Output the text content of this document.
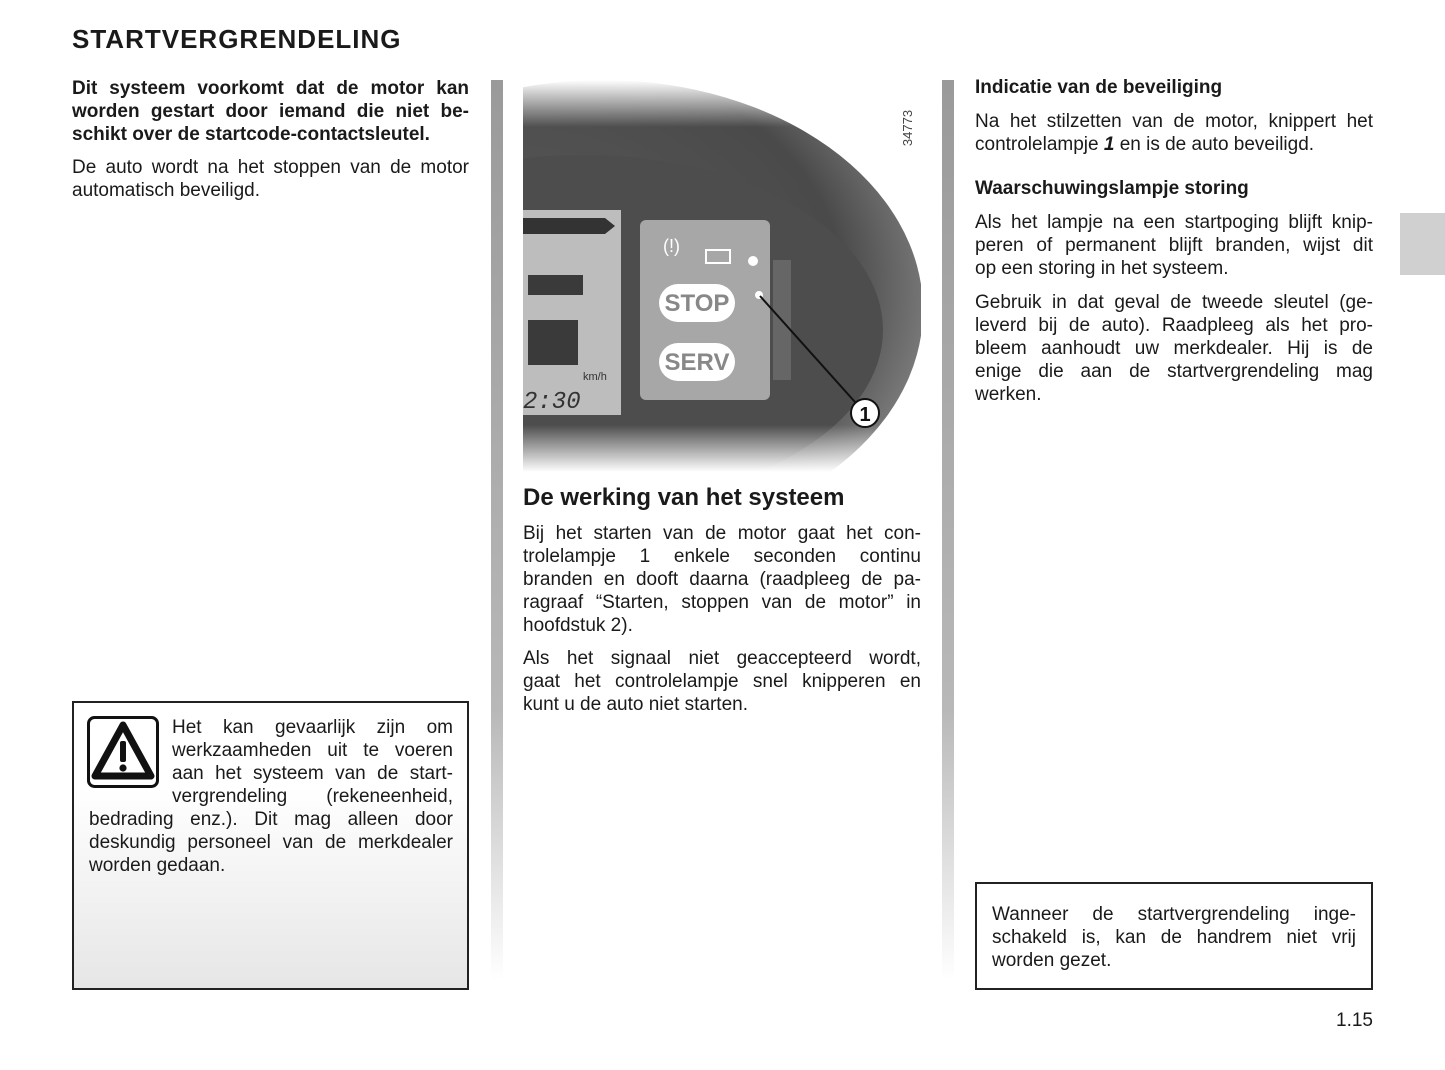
STARTVERGRENDELING
Dit systeem voorkomt dat de motor kan
worden gestart door iemand die niet be-
schikt over de startcode-contactsleutel.
De auto wordt na het stoppen van de motor
automatisch beveiligd.
Het kan gevaarlijk zijn om
werkzaamheden uit te voeren
aan het systeem van de start-
vergrendeling (rekeneenheid,
bedrading enz.). Dit mag alleen door
deskundig personeel van de merkdealer
worden gedaan.
(!)
STOP
SERV
km/h
2:30	1
34773
De werking van het systeem
Bij het starten van de motor gaat het con-
trolelampje 1 enkele seconden continu
branden en dooft daarna (raadpleeg de pa-
ragraaf “Starten, stoppen van de motor” in
hoofdstuk 2).
Als het signaal niet geaccepteerd wordt,
gaat het controlelampje snel knipperen en
kunt u de auto niet starten.
Indicatie van de beveiliging
Na het stilzetten van de motor, knippert het
controlelampje 1 en is de auto beveiligd.
Waarschuwingslampje storing
Als het lampje na een startpoging blijft knip-
peren of permanent blijft branden, wijst dit
op een storing in het systeem.
Gebruik in dat geval de tweede sleutel (ge-
leverd bij de auto). Raadpleeg als het pro-
bleem aanhoudt uw merkdealer. Hij is de
enige die aan de startvergrendeling mag
werken.
Wanneer de startvergrendeling inge-
schakeld is, kan de handrem niet vrij
worden gezet.
1.15
